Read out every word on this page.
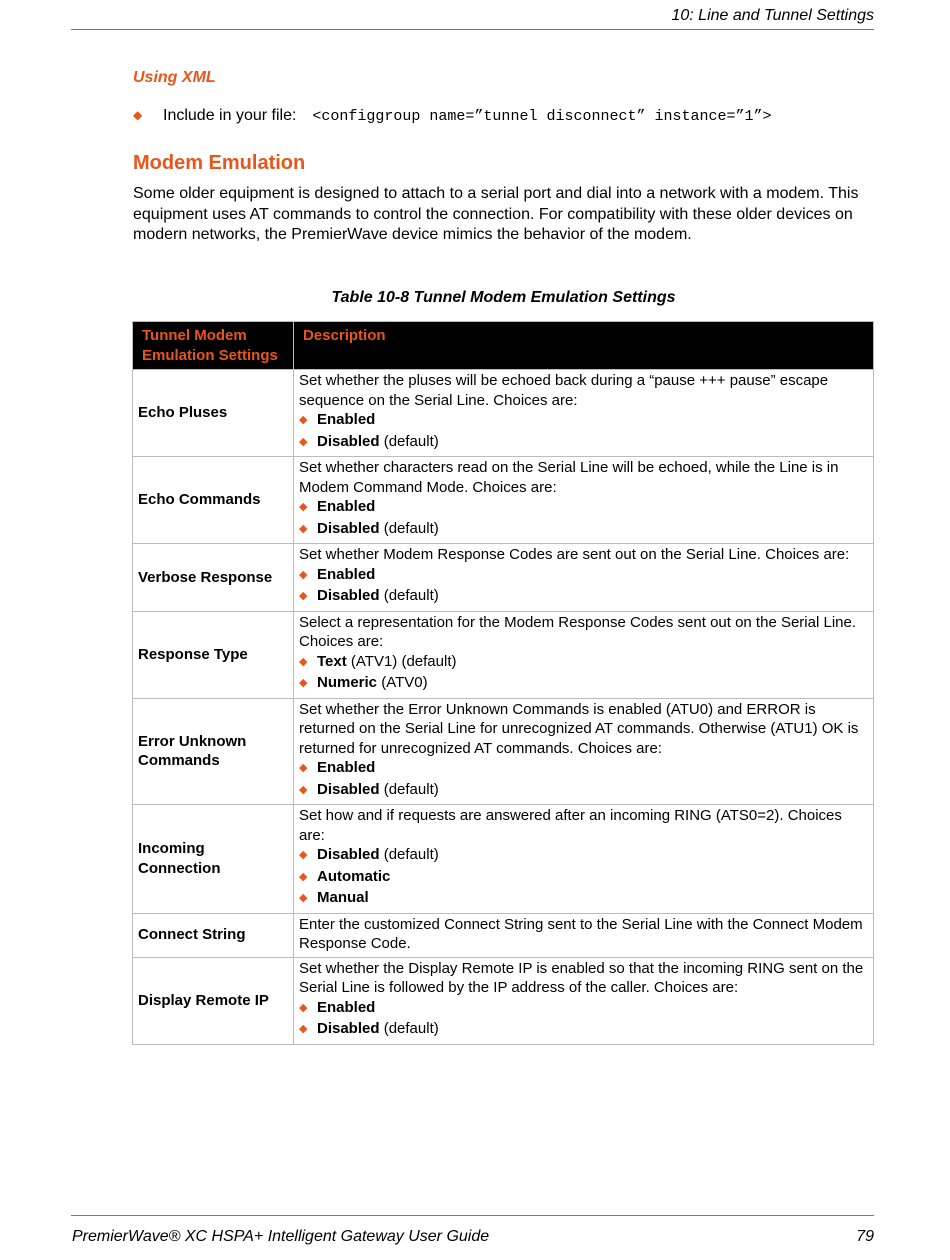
10: Line and Tunnel Settings
Using XML
◆ Include in your file: <configgroup name=”tunnel disconnect” instance=”1”>
Modem Emulation
Some older equipment is designed to attach to a serial port and dial into a network with a modem. This equipment uses AT commands to control the connection. For compatibility with these older devices on modern networks, the PremierWave device mimics the behavior of the modem.
Table 10-8 Tunnel Modem Emulation Settings
Tunnel Modem Emulation Settings	Description
Echo Pluses	Set whether the pluses will be echoed back during a “pause +++ pause” escape sequence on the Serial Line. Choices are:
◆ Enabled
◆ Disabled (default)

Echo Commands	Set whether characters read on the Serial Line will be echoed, while the Line is in Modem Command Mode. Choices are:
◆ Enabled
◆ Disabled (default)

Verbose Response	Set whether Modem Response Codes are sent out on the Serial Line. Choices are:
◆ Enabled
◆ Disabled (default)

Response Type	Select a representation for the Modem Response Codes sent out on the Serial Line. Choices are:
◆ Text (ATV1) (default)
◆ Numeric (ATV0)

Error Unknown Commands	Set whether the Error Unknown Commands is enabled (ATU0) and ERROR is returned on the Serial Line for unrecognized AT commands. Otherwise (ATU1) OK is returned for unrecognized AT commands. Choices are:
◆ Enabled
◆ Disabled (default)

Incoming Connection	Set how and if requests are answered after an incoming RING (ATS0=2). Choices are:
◆ Disabled (default)
◆ Automatic
◆ Manual

Connect String	Enter the customized Connect String sent to the Serial Line with the Connect Modem Response Code.
Display Remote IP	Set whether the Display Remote IP is enabled so that the incoming RING sent on the Serial Line is followed by the IP address of the caller. Choices are:
◆ Enabled
◆ Disabled (default)
PremierWave® XC HSPA+ Intelligent Gateway User Guide	79
